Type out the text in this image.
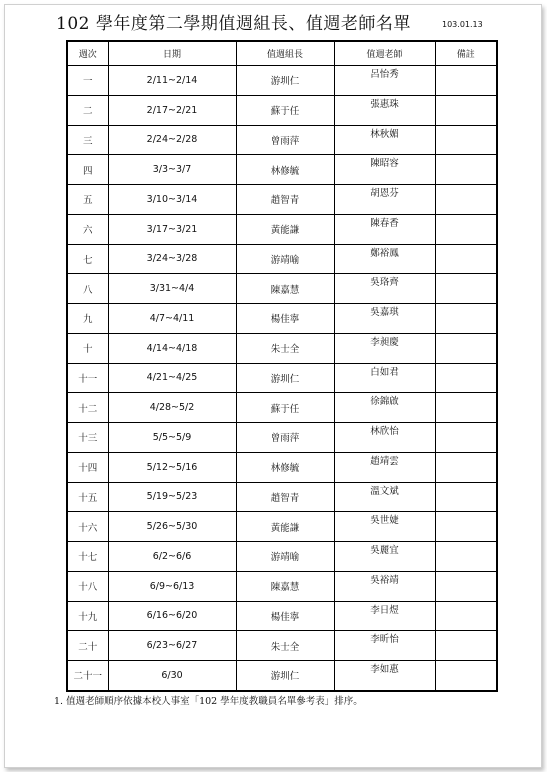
102 學年度第二學期值週組長、值週老師名單	103.01.13
週次	日期	值週組長	值週老師	備註
一	2/11~2/14	游圳仁	呂怡秀	
二	2/17~2/21	蘇于任	張惠珠	
三	2/24~2/28	曾雨萍	林秋媚	
四	3/3~3/7	林修毓	陳昭容	
五	3/10~3/14	趙智青	胡恩芬	
六	3/17~3/21	黃能謙	陳春香	
七	3/24~3/28	游靖喻	鄭裕鳳	
八	3/31~4/4	陳嘉慧	吳珞齊	
九	4/7~4/11	楊佳寧	吳嘉琪	
十	4/14~4/18	朱士全	李昶慶	
十一	4/21~4/25	游圳仁	白如君	
十二	4/28~5/2	蘇于任	徐錦啟	
十三	5/5~5/9	曾雨萍	林欣怡	
十四	5/12~5/16	林修毓	趙靖雲	
十五	5/19~5/23	趙智青	溫文斌	
十六	5/26~5/30	黃能謙	吳世婕	
十七	6/2~6/6	游靖喻	吳麗宜	
十八	6/9~6/13	陳嘉慧	吳裕靖	
十九	6/16~6/20	楊佳寧	李日煜	
二十	6/23~6/27	朱士全	李昕怡	
二十一	6/30	游圳仁	李如惠	
1. 值週老師順序依據本校人事室「102 學年度教職員名單參考表」排序。
